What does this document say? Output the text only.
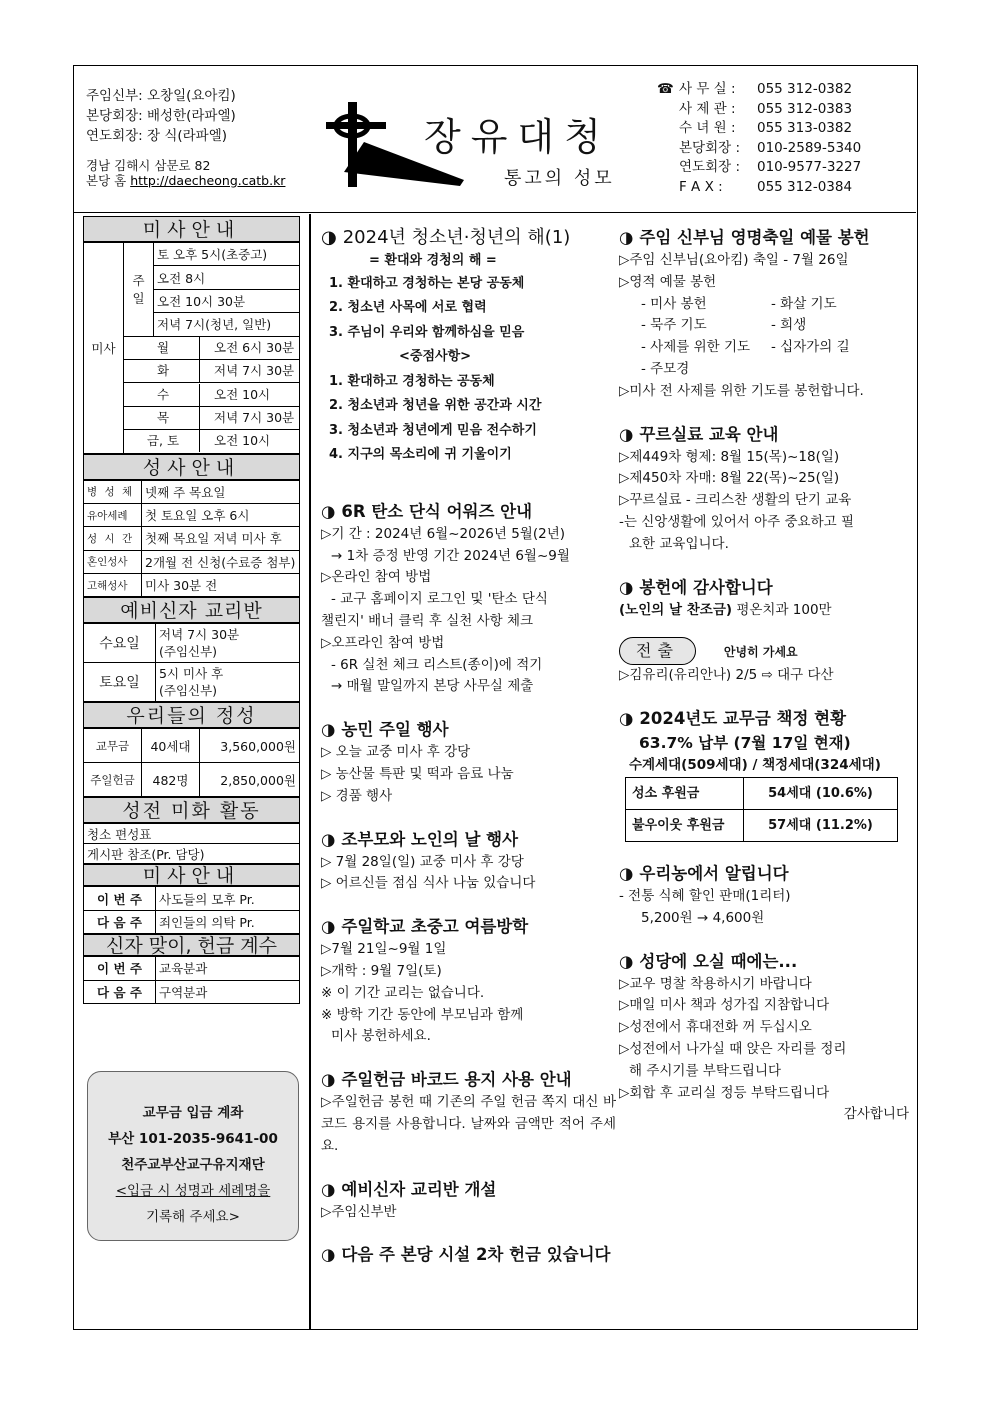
주임신부: 오창일(요아킴)
본당회장: 배성한(라파엘)
연도회장: 장 식(라파엘)
경남 김해시 삼문로 82
본당 홈 http://daecheong.catb.kr
장유대청
통고의 성모
☎ 사 무 실 :	055 312-0382
사 제 관 :	055 312-0383
수 녀 원 :	055 313-0382
본당회장 :	010-2589-5340
연도회장 :	010-9577-3227
F A X :	055 312-0384
미사안내
미사	주일	토 오후 5시(초중고)
오전 8시
오전 10시 30분
저녁 7시(청년, 일반)
월	오전 6시 30분
화	저녁 7시 30분
수	오전 10시
목	저녁 7시 30분
금, 토	오전 10시
성사안내
병 성 체	넷째 주 목요일
유아세례	첫 토요일 오후 6시
성 시 간	첫째 목요일 저녁 미사 후
혼인성사	2개월 전 신청(수료증 첨부)
고해성사	미사 30분 전
예비신자 교리반
수요일	저녁 7시 30분
(주임신부)

토요일	5시 미사 후
(주임신부)
우리들의 정성
교무금	40세대	3,560,000원
주일헌금	482명	2,850,000원
성전 미화 활동
청소 편성표
게시판 참조(Pr. 담당)
미사안내
이 번 주	사도들의 모후 Pr.
다 음 주	죄인들의 의탁 Pr.
신자 맞이, 헌금 계수
이 번 주	교육분과
다 음 주	구역분과
교무금 입금 계좌
부산 101-2035-9641-00
천주교부산교구유지재단
<입금 시 성명과 세례명을
기록해 주세요>
◑ 2024년 청소년·청년의 해(1)
= 환대와 경청의 해 =
1. 환대하고 경청하는 본당 공동체
2. 청소년 사목에 서로 협력
3. 주님이 우리와 함께하심을 믿음
<중점사항>
1. 환대하고 경청하는 공동체
2. 청소년과 청년을 위한 공간과 시간
3. 청소년과 청년에게 믿음 전수하기
4. 지구의 목소리에 귀 기울이기
◑ 6R 탄소 단식 어워즈 안내
▷기 간 : 2024년 6월~2026년 5월(2년)
→ 1차 증정 반영 기간 2024년 6월~9월
▷온라인 참여 방법
- 교구 홈페이지 로그인 및 '탄소 단식
챌린지' 배너 클릭 후 실천 사항 체크
▷오프라인 참여 방법
- 6R 실천 체크 리스트(종이)에 적기
→ 매월 말일까지 본당 사무실 제출
◑ 농민 주일 행사
▷ 오늘 교중 미사 후 강당
▷ 농산물 특판 및 떡과 음료 나눔
▷ 경품 행사
◑ 조부모와 노인의 날 행사
▷ 7월 28일(일) 교중 미사 후 강당
▷ 어르신들 점심 식사 나눔 있습니다
◑ 주일학교 초중고 여름방학
▷7월 21일~9월 1일
▷개학 : 9월 7일(토)
※ 이 기간 교리는 없습니다.
※ 방학 기간 동안에 부모님과 함께
미사 봉헌하세요.
◑ 주일헌금 바코드 용지 사용 안내
▷주일헌금 봉헌 때 기존의 주일 헌금 쪽지 대신 바코드 용지를 사용합니다. 날짜와 금액만 적어 주세요.
◑ 예비신자 교리반 개설
▷주임신부반
◑ 다음 주 본당 시설 2차 헌금 있습니다
◑ 주임 신부님 영명축일 예물 봉헌
▷주임 신부님(요아킴) 축일 - 7월 26일
▷영적 예물 봉헌
- 미사 봉헌	- 화살 기도
- 묵주 기도	- 희생
- 사제를 위한 기도	- 십자가의 길
- 주모경
▷미사 전 사제를 위한 기도를 봉헌합니다.
◑ 꾸르실료 교육 안내
▷제449차 형제: 8월 15(목)~18(일)
▷제450차 자매: 8월 22(목)~25(일)
▷꾸르실료 - 크리스찬 생활의 단기 교육
-는 신앙생활에 있어서 아주 중요하고 필
요한 교육입니다.
◑ 봉헌에 감사합니다
(노인의 날 찬조금) 평온치과 100만
전출	안녕히 가세요
▷김유리(유리안나) 2/5 ⇨ 대구 다산
◑ 2024년도 교무금 책정 현황
63.7% 납부 (7월 17일 현재)
수계세대(509세대) / 책정세대(324세대)
성소 후원금	54세대 (10.6%)
불우이웃 후원금	57세대 (11.2%)
◑ 우리농에서 알립니다
- 전통 식혜 할인 판매(1리터)
5,200원 → 4,600원
◑ 성당에 오실 때에는...
▷교우 명찰 착용하시기 바랍니다
▷매일 미사 책과 성가집 지참합니다
▷성전에서 휴대전화 꺼 두십시오
▷성전에서 나가실 때 앉은 자리를 정리
해 주시기를 부탁드립니다
▷회합 후 교리실 정등 부탁드립니다
감사합니다
